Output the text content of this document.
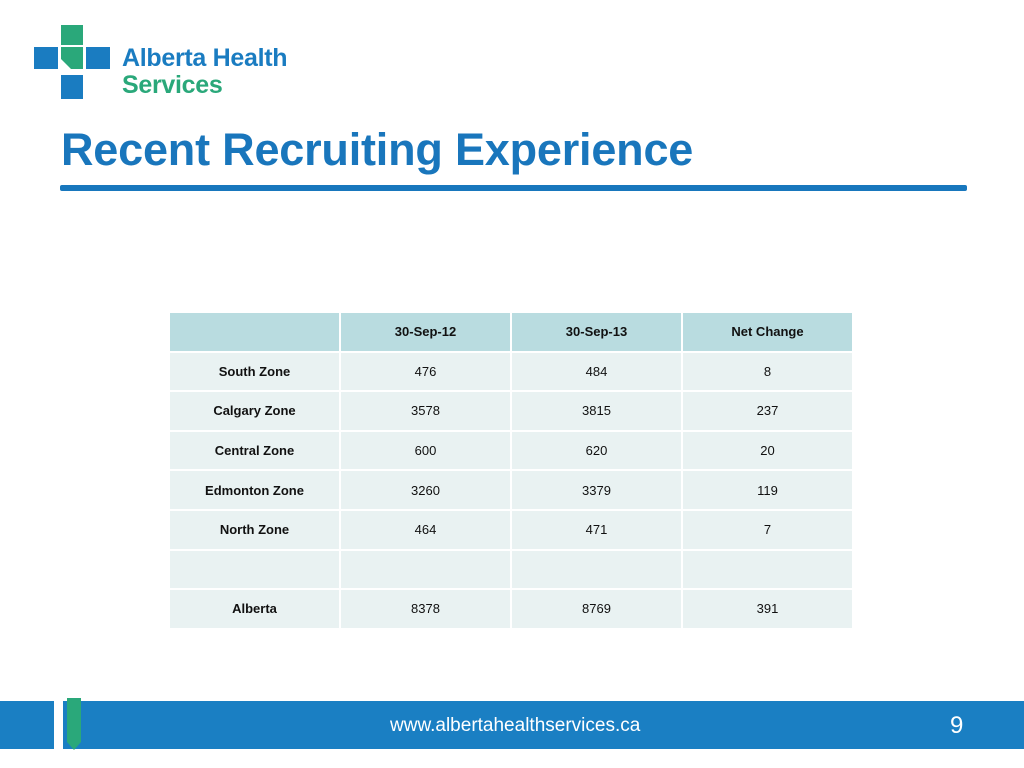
Alberta Health
Services
Recent Recruiting Experience
	30-Sep-12	30-Sep-13	Net Change
South Zone	476	484	8
Calgary Zone	3578	3815	237
Central Zone	600	620	20
Edmonton Zone	3260	3379	119
North Zone	464	471	7

Alberta	8378	8769	391
www.albertahealthservices.ca	9
